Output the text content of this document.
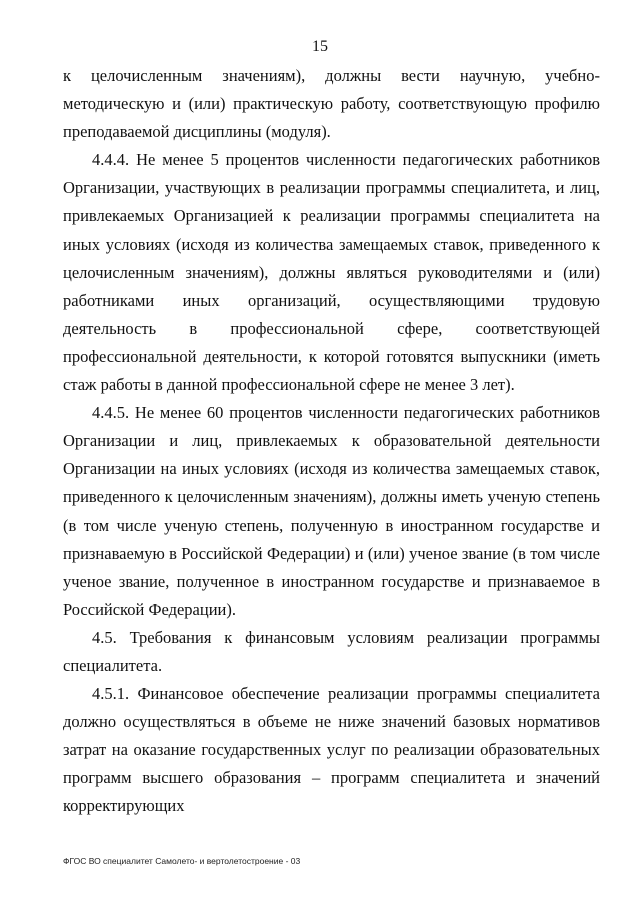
15

к целочисленным значениям), должны вести научную, учебно-методическую и (или) практическую работу, соответствующую профилю преподаваемой дисциплины (модуля).

4.4.4. Не менее 5 процентов численности педагогических работников Организации, участвующих в реализации программы специалитета, и лиц, привлекаемых Организацией к реализации программы специалитета на иных условиях (исходя из количества замещаемых ставок, приведенного к целочисленным значениям), должны являться руководителями и (или) работниками иных организаций, осуществляющими трудовую деятельность в профессиональной сфере, соответствующей профессиональной деятельности, к которой готовятся выпускники (иметь стаж работы в данной профессиональной сфере не менее 3 лет).

4.4.5. Не менее 60 процентов численности педагогических работников Организации и лиц, привлекаемых к образовательной деятельности Организации на иных условиях (исходя из количества замещаемых ставок, приведенного к целочисленным значениям), должны иметь ученую степень (в том числе ученую степень, полученную в иностранном государстве и признаваемую в Российской Федерации) и (или) ученое звание (в том числе ученое звание, полученное в иностранном государстве и признаваемое в Российской Федерации).

4.5. Требования к финансовым условиям реализации программы специалитета.

4.5.1. Финансовое обеспечение реализации программы специалитета должно осуществляться в объеме не ниже значений базовых нормативов затрат на оказание государственных услуг по реализации образовательных программ высшего образования – программ специалитета и значений корректирующих

ФГОС ВО специалитет Самолето- и вертолетостроение - 03
